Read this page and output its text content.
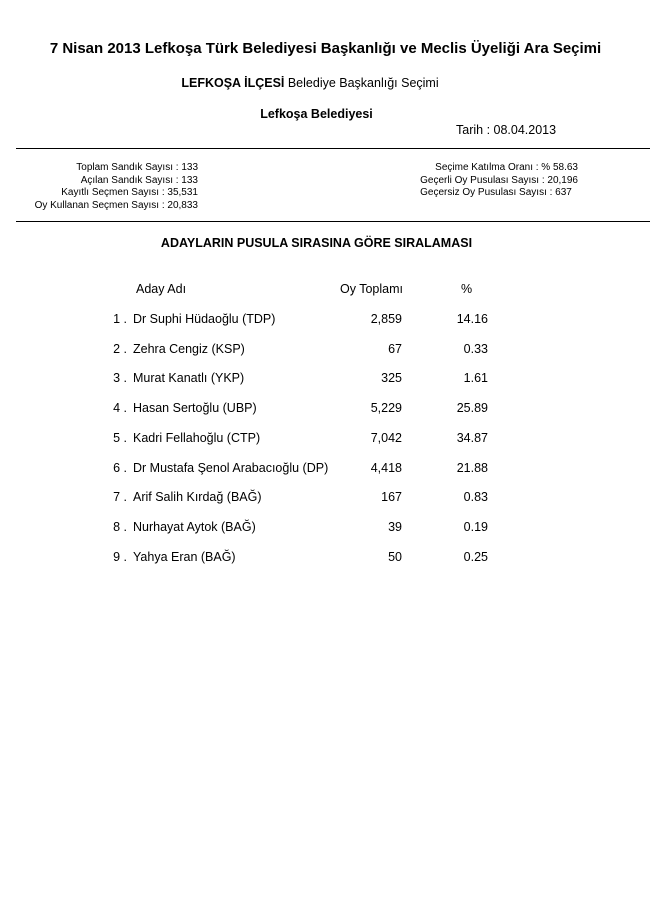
7 Nisan 2013 Lefkoşa Türk Belediyesi Başkanlığı ve Meclis Üyeliği Ara Seçimi
LEFKOŞA İLÇESİ Belediye Başkanlığı Seçimi
Lefkoşa Belediyesi
Tarih : 08.04.2013
Toplam Sandık Sayısı : 133
Açılan Sandık Sayısı : 133
Kayıtlı Seçmen Sayısı : 35,531
Oy Kullanan Seçmen Sayısı : 20,833
Seçime Katılma Oranı : % 58.63
Geçerli Oy Pusulası Sayısı : 20,196
Geçersiz Oy Pusulası Sayısı : 637
ADAYLARIN PUSULA SIRASINA GÖRE SIRALAMASI
Aday Adı	Oy Toplamı	%
1 . Dr Suphi Hüdaoğlu (TDP)	2,859	14.16
2 . Zehra Cengiz (KSP)	67	0.33
3 . Murat Kanatlı (YKP)	325	1.61
4 . Hasan Sertoğlu (UBP)	5,229	25.89
5 . Kadri Fellahoğlu (CTP)	7,042	34.87
6 . Dr Mustafa Şenol Arabacıoğlu (DP)	4,418	21.88
7 . Arif Salih Kırdağ (BAĞ)	167	0.83
8 . Nurhayat Aytok (BAĞ)	39	0.19
9 . Yahya Eran (BAĞ)	50	0.25
